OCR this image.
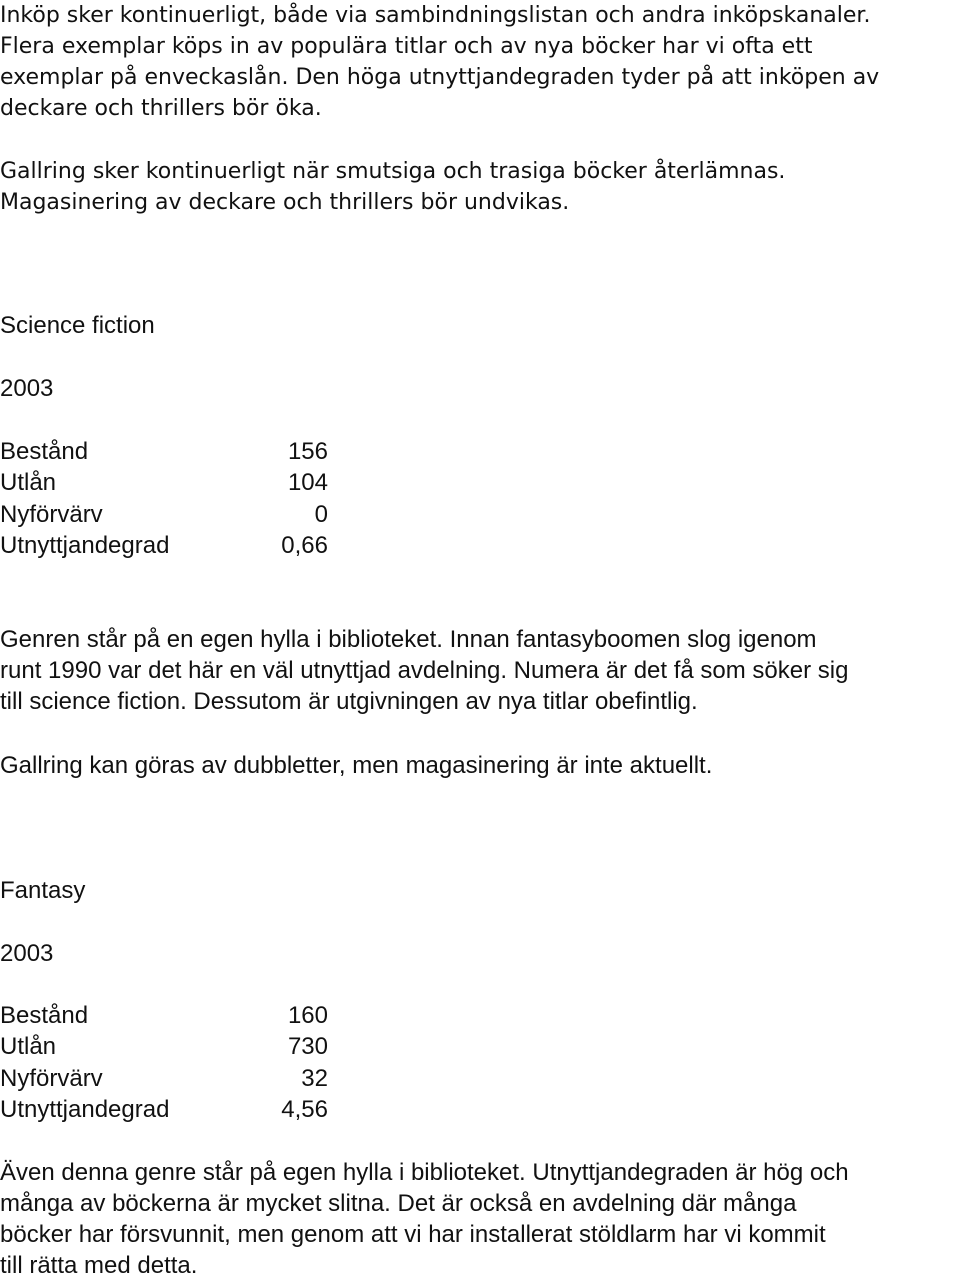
Inköp sker kontinuerligt, både via sambindningslistan och andra inköpskanaler.
Flera exemplar köps in av populära titlar och av nya böcker har vi ofta ett
exemplar på enveckaslån. Den höga utnyttjandegraden tyder på att inköpen av
deckare och thrillers bör öka.

Gallring sker kontinuerligt när smutsiga och trasiga böcker återlämnas.
Magasinering av deckare och thrillers bör undvikas.

Science fiction

2003

Bestånd	156
Utlån	104
Nyförvärv	0
Utnyttjandegrad	0,66

Genren står på en egen hylla i biblioteket. Innan fantasyboomen slog igenom
runt 1990 var det här en väl utnyttjad avdelning. Numera är det få som söker sig
till science fiction. Dessutom är utgivningen av nya titlar obefintlig.

Gallring kan göras av dubbletter, men magasinering är inte aktuellt.

Fantasy

2003

Bestånd	160
Utlån	730
Nyförvärv	32
Utnyttjandegrad	4,56

Även denna genre står på egen hylla i biblioteket. Utnyttjandegraden är hög och
många av böckerna är mycket slitna. Det är också en avdelning där många
böcker har försvunnit, men genom att vi har installerat stöldlarm har vi kommit
till rätta med detta.
